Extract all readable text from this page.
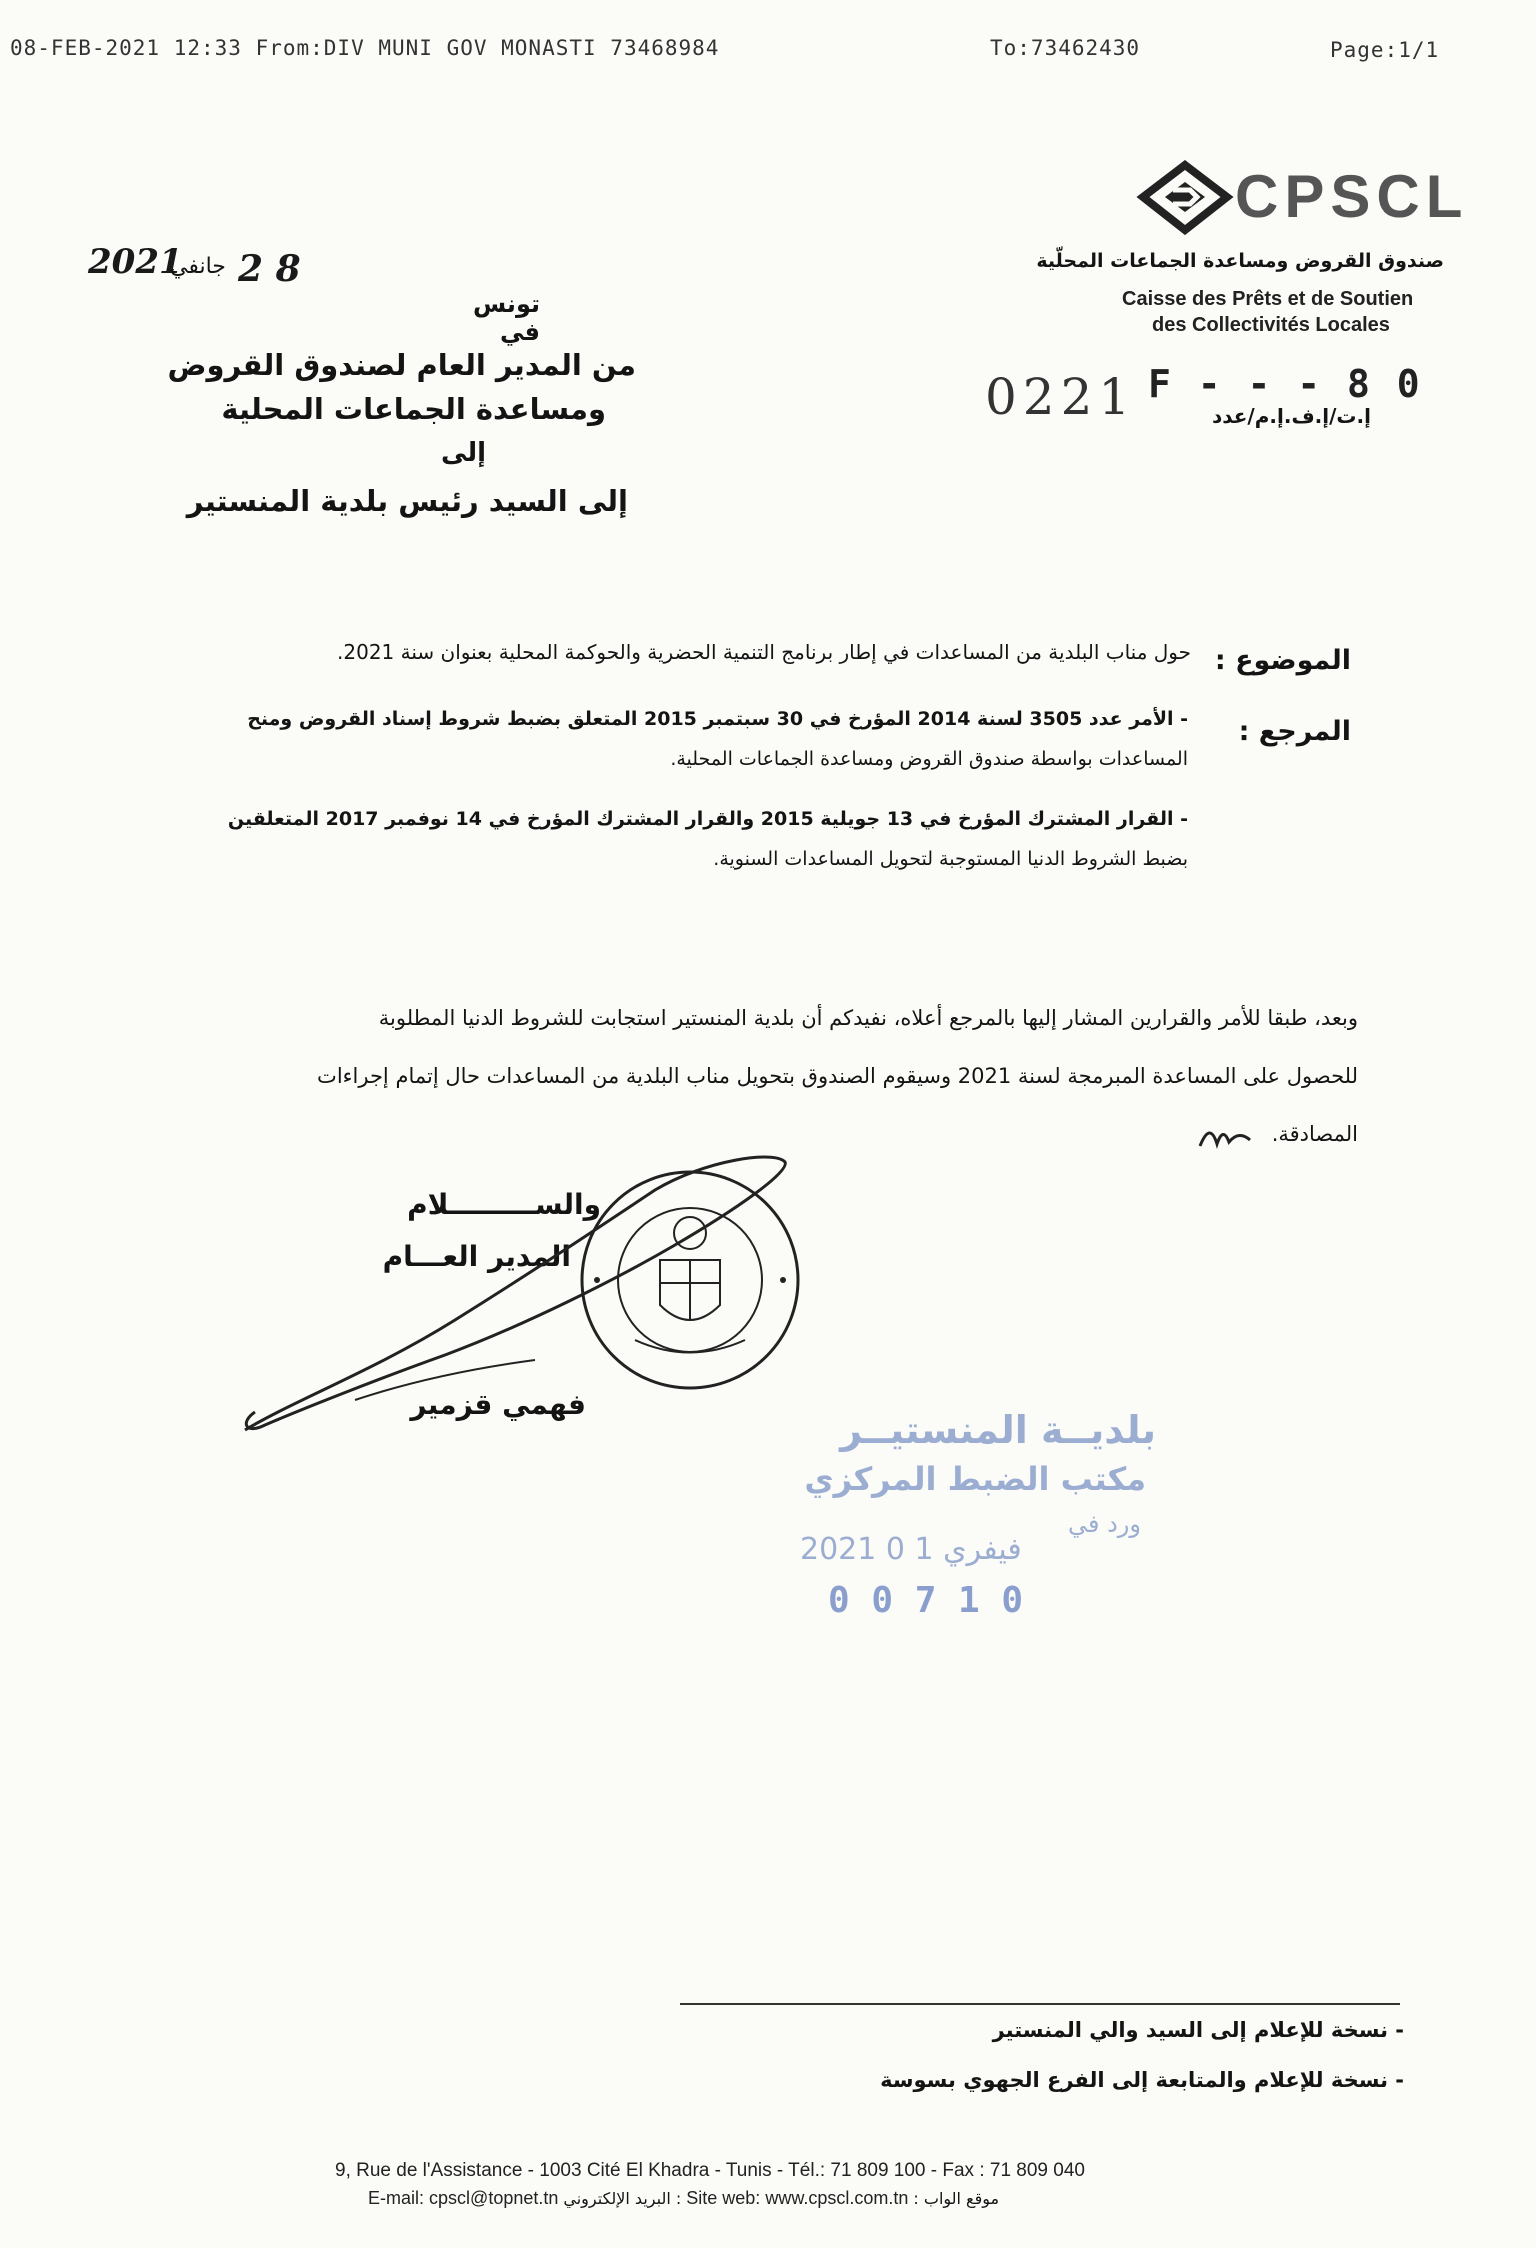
08-FEB-2021 12:33 From:DIV MUNI GOV MONASTI 73468984	To:73462430	Page:1/1
CPSCL
صندوق القروض ومساعدة الجماعات المحلّية
Caisse des Prêts et de Soutien
des Collectivités Locales
2021
جانفي 2 8
تونس في
0221 F - - - 8 0
إ.ت/إ.ف.إ.م/عدد
من المدير العام لصندوق القروض
ومساعدة الجماعات المحلية
إلى
إلى السيد رئيس بلدية المنستير
الموضوع :
حول مناب البلدية من المساعدات في إطار برنامج التنمية الحضرية والحوكمة المحلية بعنوان سنة 2021.
المرجع :
- الأمر عدد 3505 لسنة 2014 المؤرخ في 30 سبتمبر 2015 المتعلق بضبط شروط إسناد القروض ومنح
المساعدات بواسطة صندوق القروض ومساعدة الجماعات المحلية.
- القرار المشترك المؤرخ في 13 جويلية 2015 والقرار المشترك المؤرخ في 14 نوفمبر 2017 المتعلقين
بضبط الشروط الدنيا المستوجبة لتحويل المساعدات السنوية.
وبعد، طبقا للأمر والقرارين المشار إليها بالمرجع أعلاه، نفيدكم أن بلدية المنستير استجابت للشروط الدنيا المطلوبة
للحصول على المساعدة المبرمجة لسنة 2021 وسيقوم الصندوق بتحويل مناب البلدية من المساعدات حال إتمام إجراءات
المصادقة.
والســـــــــلام
المدير العـــام
فهمي قزمير
بلديــة المنستيــر
مكتب الضبط المركزي
ورد في
2021 فيفري 1 0
0 0 7 1 0
- نسخة للإعلام إلى السيد والي المنستير
- نسخة للإعلام والمتابعة إلى الفرع الجهوي بسوسة
9, Rue de l'Assistance - 1003 Cité El Khadra - Tunis - Tél.: 71 809 100 - Fax : 71 809 040
E-mail: cpscl@topnet.tn البريد الإلكتروني : Site web: www.cpscl.com.tn : موقع الواب
